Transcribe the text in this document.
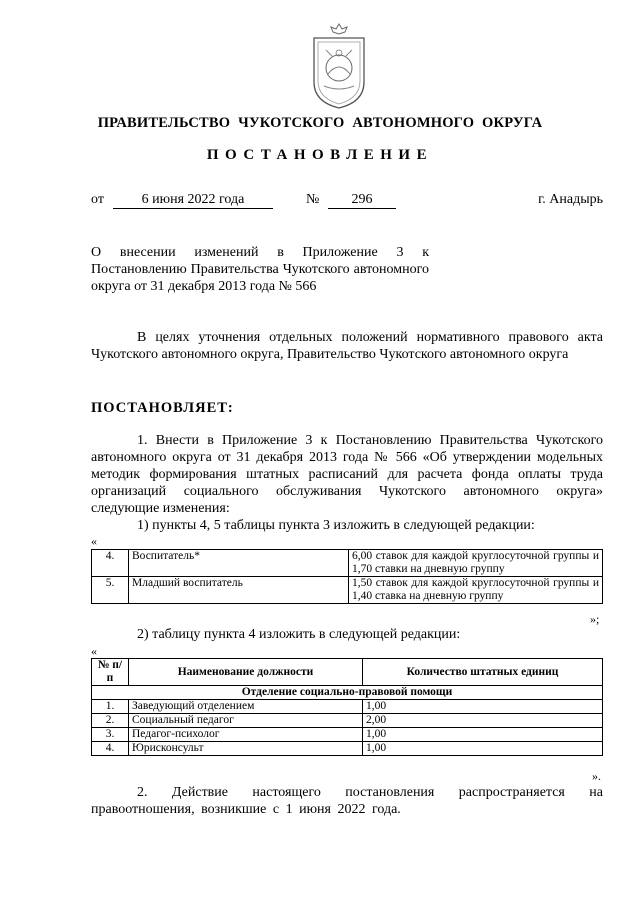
ПРАВИТЕЛЬСТВО ЧУКОТСКОГО АВТОНОМНОГО ОКРУГА
ПОСТАНОВЛЕНИЕ
от	6 июня 2022 года	№	296	г. Анадырь
О внесении изменений в Приложение 3 к Постановлению Правительства Чукотского автономного округа от 31 декабря 2013 года № 566
В целях уточнения отдельных положений нормативного правового акта Чукотского автономного округа, Правительство Чукотского автономного округа
ПОСТАНОВЛЯЕТ:
1. Внести в Приложение 3 к Постановлению Правительства Чукотского автономного округа от 31 декабря 2013 года № 566 «Об утверждении модельных методик формирования штатных расписаний для расчета фонда оплаты труда организаций социального обслуживания Чукотского автономного округа» следующие изменения:
1) пункты 4, 5 таблицы пункта 3 изложить в следующей редакции:
«
4.	Воспитатель*	6,00 ставок для каждой круглосуточной группы и 1,70 ставки на дневную группу
5.	Младший воспитатель	1,50 ставок для каждой круглосуточной группы и 1,40 ставка на дневную группу
»;
2) таблицу пункта 4 изложить в следующей редакции:
«
№ п/п	Наименование должности	Количество штатных единиц
Отделение социально-правовой помощи		
1.	Заведующий отделением	1,00
2.	Социальный педагог	2,00
3.	Педагог-психолог	1,00
4.	Юрисконсульт	1,00
».
2. Действие настоящего постановления распространяется на правоотношения, возникшие с 1 июня 2022 года.
